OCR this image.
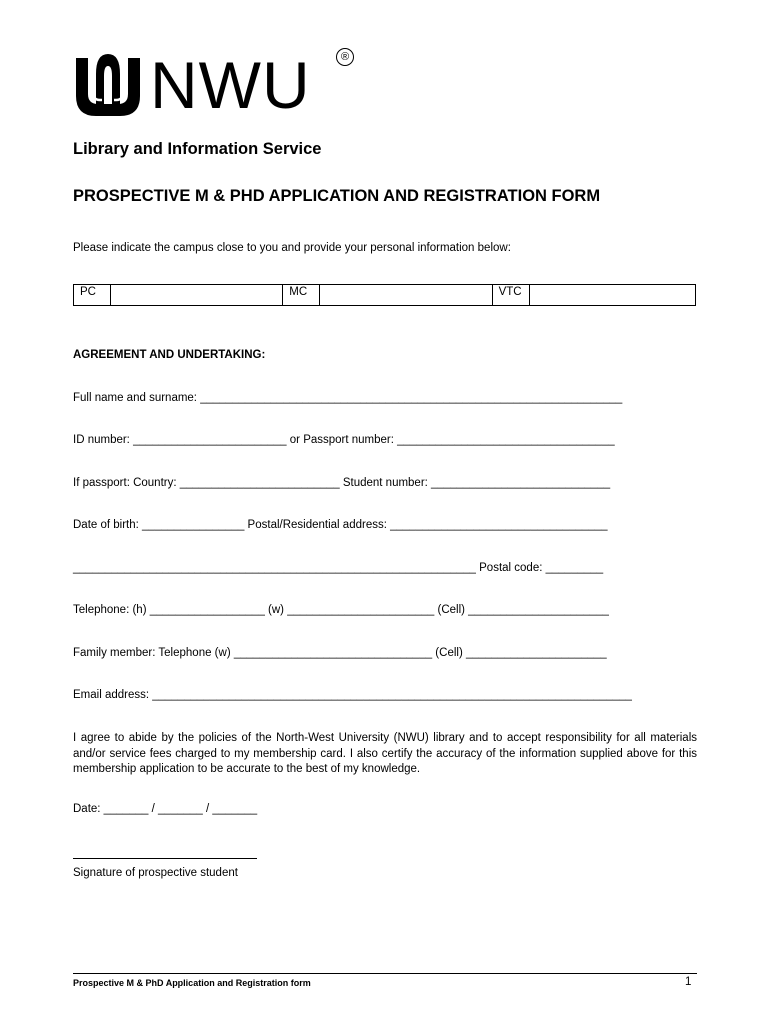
NWU	®
Library and Information Service
PROSPECTIVE M & PHD APPLICATION AND REGISTRATION FORM
Please indicate the campus close to you and provide your personal information below:
PC		MC		VTC	
AGREEMENT AND UNDERTAKING:
Full name and surname: __________________________________________________________________
ID number: ________________________ or Passport number: __________________________________
If passport: Country: _________________________ Student number: ____________________________
Date of birth: ________________ Postal/Residential address: __________________________________
_______________________________________________________________ Postal code: _________
Telephone: (h) __________________ (w) _______________________ (Cell) ______________________
Family member: Telephone (w) _______________________________ (Cell) ______________________
Email address: ___________________________________________________________________________
I agree to abide by the policies of the North-West University (NWU) library and to accept responsibility for all materials and/or service fees charged to my membership card. I also certify the accuracy of the information supplied above for this membership application to be accurate to the best of my knowledge.
Date: _______ / _______ / _______
Signature of prospective student
Prospective M & PhD Application and Registration form	1
